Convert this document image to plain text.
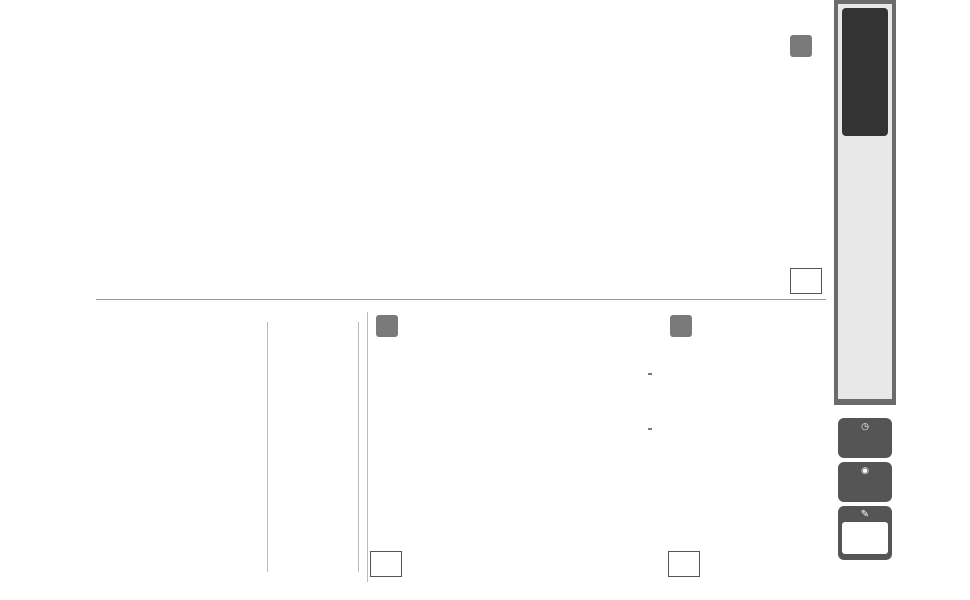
◷
◉
✎
